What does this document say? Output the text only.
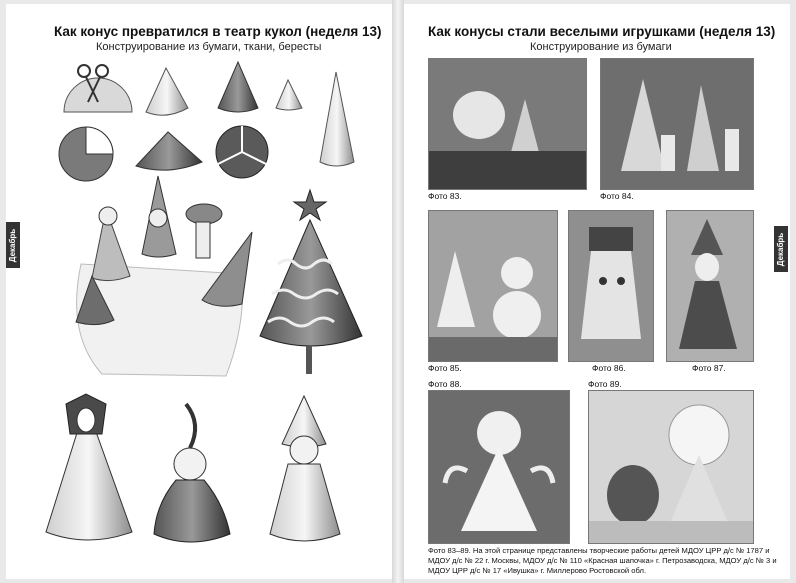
Как конус превратился в театр кукол (неделя 13)
Конструирование из бумаги, ткани, бересты
Декабрь
Как конусы стали веселыми игрушками (неделя 13)
Конструирование из бумаги
Декабрь
Фото 83.	Фото 84.
Фото 85.	Фото 86.	Фото 87.
Фото 88.	Фото 89.
Фото 83–89. На этой странице представлены творческие работы детей МДОУ ЦРР д/с № 1787 и МДОУ д/с № 22 г. Москвы, МДОУ д/с № 110 «Красная шапочка» г. Петрозаводска, МДОУ д/с № 3 и МДОУ ЦРР д/с № 17 «Ивушка» г. Миллерово Ростовской обл.
